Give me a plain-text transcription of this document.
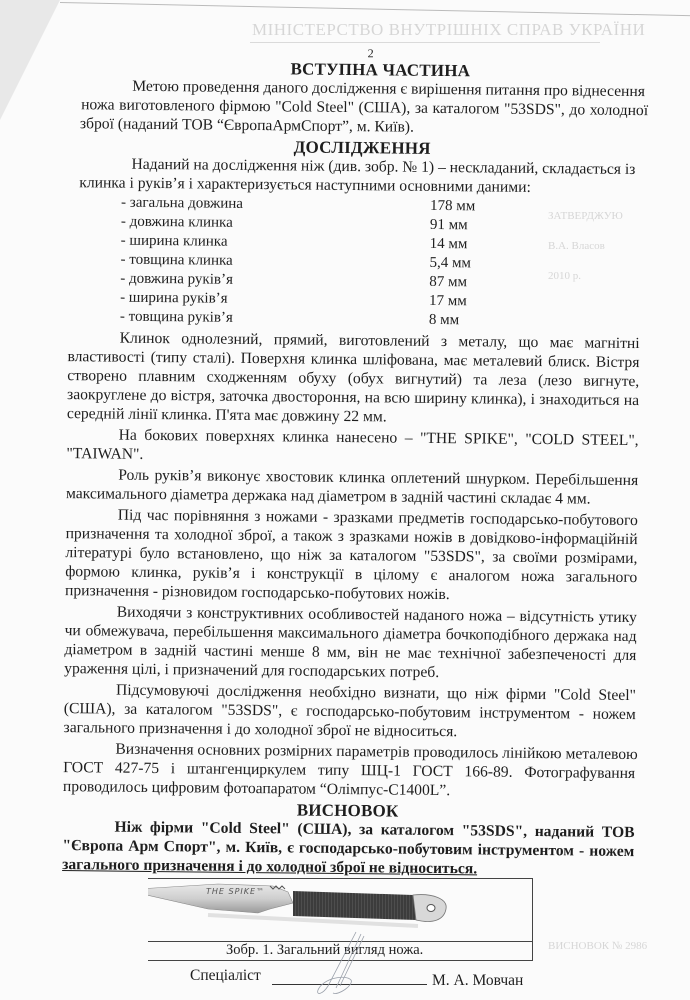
МІНІСТЕРСТВО ВНУТРІШНІХ СПРАВ УКРАЇНИ
ЗАТВЕРДЖУЮ
В.А. Власов
2010 р.
ВИСНОВОК № 2986
2
ВСТУПНА ЧАСТИНА
Метою проведення даного дослідження є вирішення питання про віднесення
ножа виготовленого фірмою "Cold Steel" (США), за каталогом "53SDS", до холодної
зброї (наданий ТОВ “ЄвропаАрмСпорт”, м. Київ).
ДОСЛІДЖЕННЯ
Наданий на дослідження ніж (див. зобр. № 1) – нескладаний, складається із
клинка і руків’я і характеризується наступними основними даними:
- загальна довжина	178 мм
- довжина клинка	91 мм
- ширина клинка	14 мм
- товщина клинка	5,4 мм
- довжина руків’я	87 мм
- ширина руків’я	17 мм
- товщина руків’я	8 мм
Клинок однолезний, прямий, виготовлений з металу, що має магнітні
властивості (типу сталі). Поверхня клинка шліфована, має металевий блиск. Вістря
створено плавним сходженням обуху (обух вигнутий) та леза (лезо вигнуте,
заокруглене до вістря, заточка двостороння, на всю ширину клинка), і знаходиться на
середній лінії клинка. П'ята має довжину 22 мм.
На бокових поверхнях клинка нанесено – "THE SPIKE", "COLD STEEL",
"TAIWAN".
Роль руків’я виконує хвостовик клинка оплетений шнурком. Перебільшення
максимального діаметра держака над діаметром в задній частині складає 4 мм.
Під час порівняння з ножами - зразками предметів господарсько-побутового
призначення та холодної зброї, а також з зразками ножів в довідково-інформаційній
літературі було встановлено, що ніж за каталогом "53SDS", за своїми розмірами,
формою клинка, руків’я і конструкції в цілому є аналогом ножа загального
призначення - різновидом господарсько-побутових ножів.
Виходячи з конструктивних особливостей наданого ножа – відсутність утику
чи обмежувача, перебільшення максимального діаметра бочкоподібного держака над
діаметром в задній частині менше 8 мм, він не має технічної забезпеченості для
ураження цілі, і призначений для господарських потреб.
Підсумовуючі дослідження необхідно визнати, що ніж фірми "Cold Steel"
(США), за каталогом "53SDS", є господарсько-побутовим інструментом - ножем
загального призначення і до холодної зброї не відноситься.
Визначення основних розмірних параметрів проводилось лінійкою металевою
ГОСТ 427-75 і штангенциркулем типу ШЦ-1 ГОСТ 166-89. Фотографування
проводилось цифровим фотоапаратом “Олімпус-С1400L”.
ВИСНОВОК
Ніж фірми "Cold Steel" (США), за каталогом "53SDS", наданий ТОВ
"Європа Арм Спорт", м. Київ, є господарсько-побутовим інструментом - ножем
загального призначення і до холодної зброї не відноситься.
THE SPIKE™
Зобр. 1. Загальний вигляд ножа.
Спеціаліст	М. А. Мовчан
